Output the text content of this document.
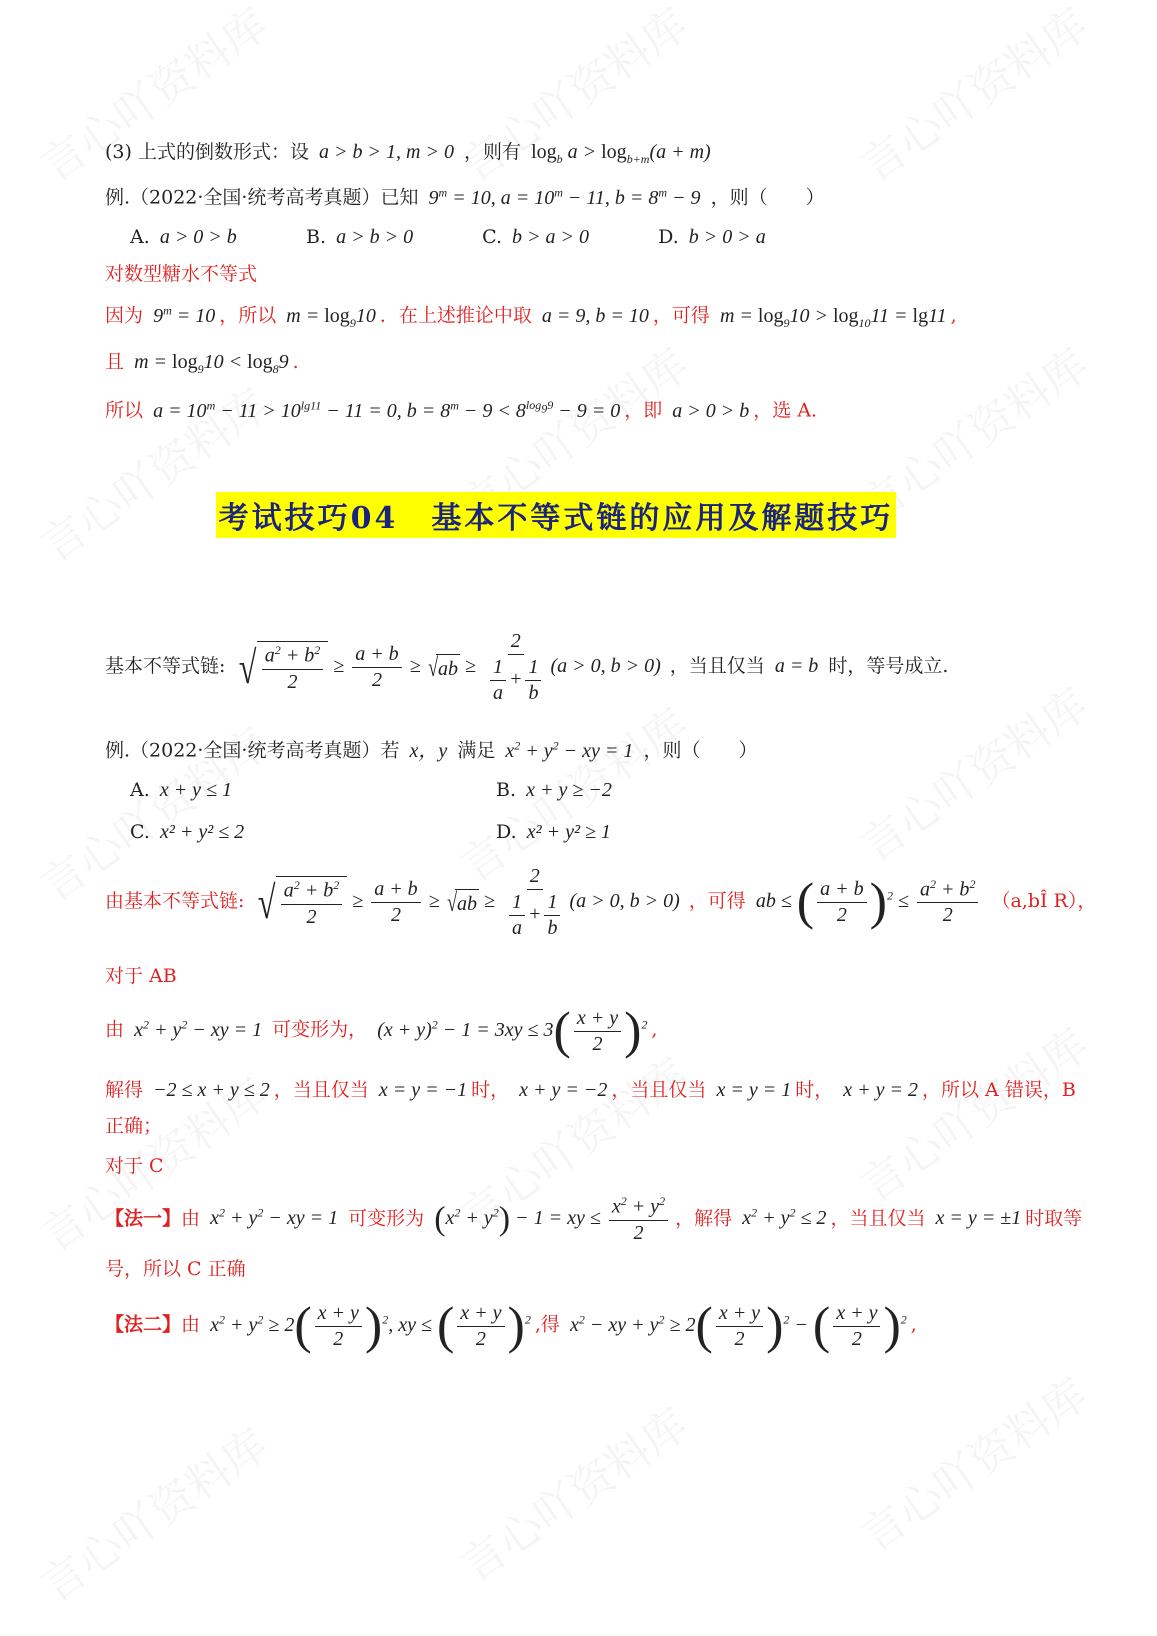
(3) 上式的倒数形式：设 a > b > 1, m > 0 ，则有 $\log_b a > \log_{b+m}(a + m)$
例.（2022·全国·统考高考真题）已知 $9^m = 10$, $a = 10^m - 11$, $b = 8^m - 9$ ，则（　　）
A. a > 0 > b	B. a > b > 0	C. b > a > 0	D. b > 0 > a
对数型糖水不等式
因为 $9^m = 10$ ，所以 $m = \log_910$ ．在上述推论中取 a = 9, b = 10 ，可得 $m = \log_910 > \log_{10}11 = \lg 11$ ,
且 $m = \log_910 < \log_89$ .
所以 $a = 10^m - 11 > 10^{lg11} - 11 = 0$, $b = 8^m - 9 < 8^{log_99} - 9 = 0$ ，即 a > 0 > b ，选 A.
考试技巧04　基本不等式链的应用及解题技巧
基本不等式链: √ $\frac{a^2 + b^2}{2} \ge \frac{a + b}{2}$ ≥ √ ab ≥ $\frac{2}{\frac{1}{a} + \frac{1}{b}} (a > 0$, b > 0) ，当且仅当 a = b 时，等号成立.
例.（2022·全国·统考高考真题）若 x，y 满足 $x^2 + y^2$ − xy = 1 ，则（　　）
A. x + y ≤ 1	B. x + y ≥ −2
C. x² + y² ≤ 2	D. x² + y² ≥ 1
由基本不等式链: √ $\frac{a^2 + b^2}{2} \ge \frac{a + b}{2}$ ≥ √ ab ≥ $\frac{2}{\frac{1}{a} + \frac{1}{b}} (a > 0$, b > 0) ，可得 ab ≤ ( $\frac{a + b}{2} )^2 \le \frac{a^2 + b^2}{2}$ （a,bÎ R），
对于 AB
由 $x^2 + y^2$ − xy = 1 可变形为， $(x + y)^2 - 1 = 3xy \le 3( \frac{x + y}{2} )^2$ ,
解得 −2 ≤ x + y ≤ 2 ，当且仅当 x = y = −1 时， x + y = −2 ，当且仅当 x = y = 1 时， x + y = 2 ，所以 A 错误，B
正确；
对于 C
【法一】由 $x^2 + y^2$ − xy = 1 可变形为 $(x^2 + y^2) - 1$ = xy ≤ $\frac{x^2 + y^2}{2}$ ，解得 $x^2 + y^2 \le 2$ ，当且仅当 x = y = ±1 时取等
号，所以 C 正确
【法二】由 $x^2 + y^2 \ge 2( \frac{x + y}{2} )^2$, xy ≤ ( $\frac{x + y}{2} )^2$ ,得 $x^2$ − xy + $y^2 \ge 2( \frac{x + y}{2} )^2$ − ( $\frac{x + y}{2} )^2$ ,
